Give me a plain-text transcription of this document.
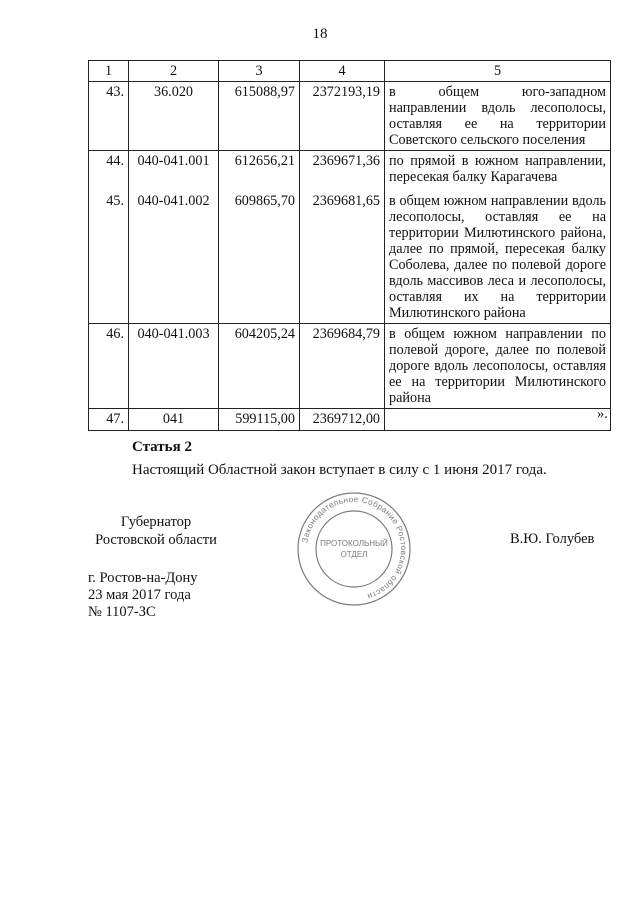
18
1	2	3	4	5
43.	36.020	615088,97	2372193,19	в общем юго-западном направлении вдоль лесополосы, оставляя ее на территории Советского сельского поселения
44.	040-041.001	612656,21	2369671,36	по прямой в южном направлении, пересекая балку Карагачева
45.	040-041.002	609865,70	2369681,65	в общем южном направлении вдоль лесополосы, оставляя ее на территории Милютинского района, далее по прямой, пересекая балку Соболева, далее по полевой дороге вдоль массивов леса и лесополосы, оставляя их на территории Милютинского района
46.	040-041.003	604205,24	2369684,79	в общем южном направлении по полевой дороге, далее по полевой дороге вдоль лесополосы, оставляя ее на территории Милютинского района
47.	041	599115,00	2369712,00		».
Статья 2
Настоящий Областной закон вступает в силу с 1 июня 2017 года.
Губернатор
Ростовской области	В.Ю. Голубев
Законодательное Собрание Ростовской области
ПРОТОКОЛЬНЫЙ
ОТДЕЛ
г. Ростов-на-Дону
23 мая 2017 года
№ 1107-ЗС
